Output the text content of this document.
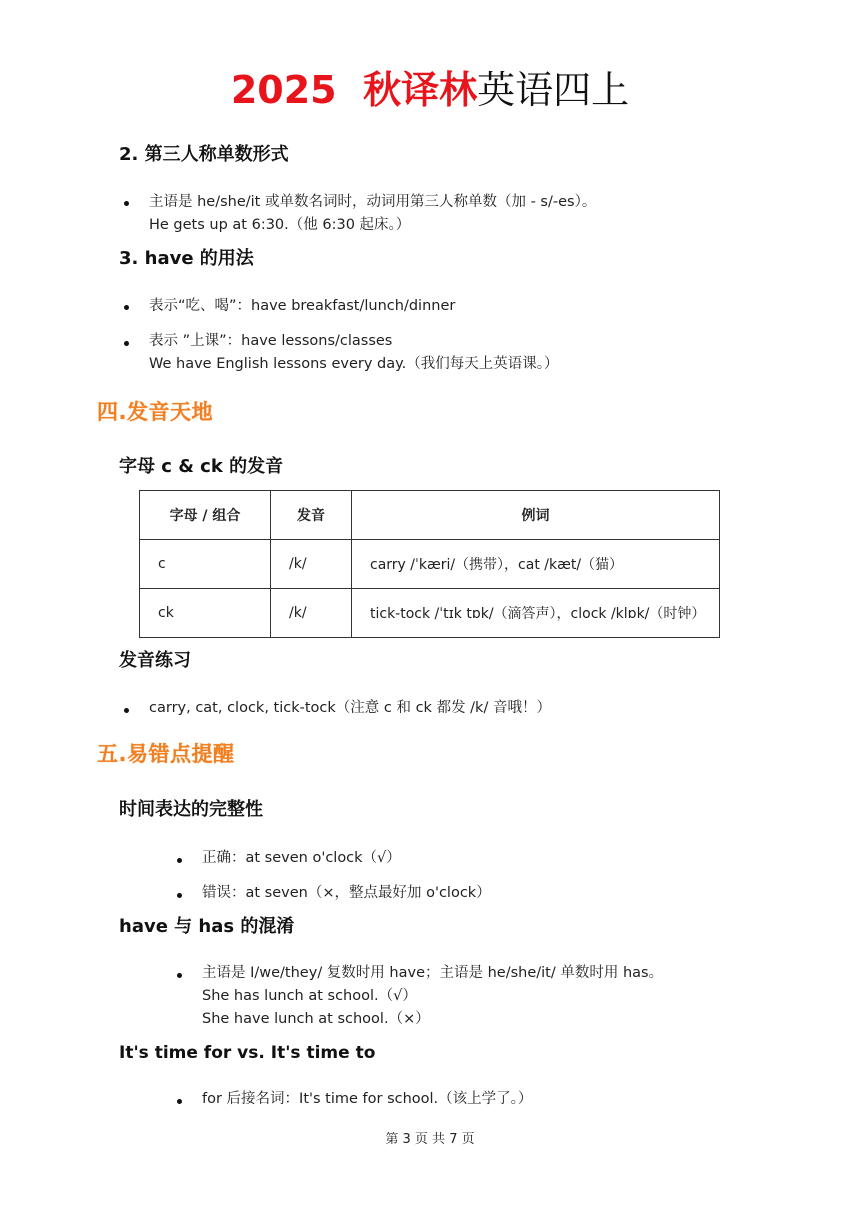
2025 秋译林英语四上
2. 第三人称单数形式
主语是 he/she/it 或单数名词时，动词用第三人称单数（加 - s/-es）。
He gets up at 6:30.（他 6:30 起床。）
3. have 的用法
表示“吃、喝”：have breakfast/lunch/dinner
表示 ”上课”：have lessons/classes
We have English lessons every day.（我们每天上英语课。）
四.发音天地
字母 c & ck 的发音
字母 / 组合	发音	例词
c	/k/	carry /ˈkæri/（携带），cat /kæt/（猫）
ck	/k/	tick-tock /ˈtɪk tɒk/（滴答声），clock /klɒk/（时钟）
发音练习
carry, cat, clock, tick-tock（注意 c 和 ck 都发 /k/ 音哦！）
五.易错点提醒
时间表达的完整性
正确：at seven o'clock（√）
错误：at seven（×，整点最好加 o'clock）
have 与 has 的混淆
主语是 I/we/they/ 复数时用 have；主语是 he/she/it/ 单数时用 has。
She has lunch at school.（√）
She have lunch at school.（×）
It's time for vs. It's time to
for 后接名词：It's time for school.（该上学了。）
第 3 页 共 7 页
